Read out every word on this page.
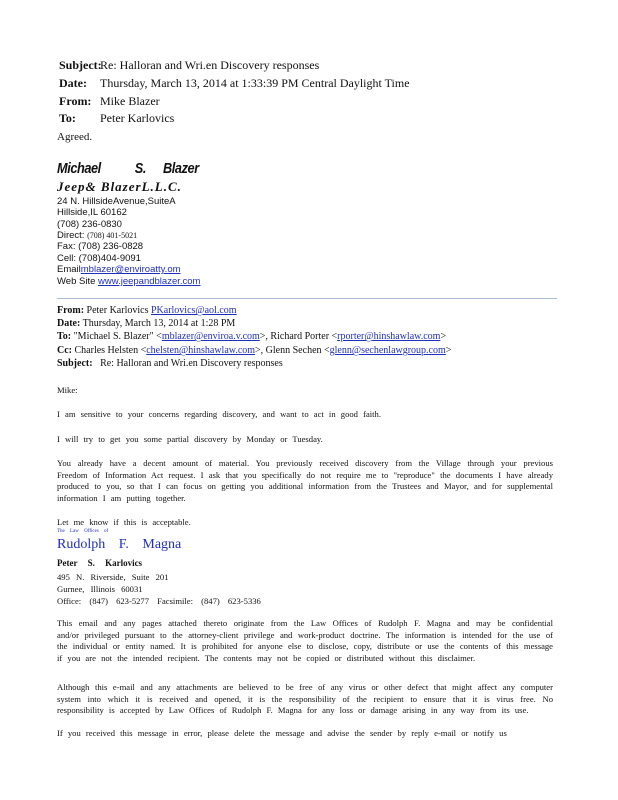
Subject:
Re: Halloran and Wri.en Discovery responses
Date: Thursday, March 13, 2014 at 1:33:39 PM Central Daylight Time
From: Mike Blazer
To: Peter Karlovics
Agreed.
Michael S. Blazer
Jeep& BlazerL.L.C.
24 N. HillsideAvenue,SuiteA
Hillside,IL 60162
(708) 236-0830
Direct: (708) 401-5021
Fax: (708) 236-0828
Cell: (708)404-9091
Emailmblazer@enviroatty.om
Web Site www.jeepandblazer.com
From: Peter Karlovics PKarlovics@aol.com
Date: Thursday, March 13, 2014 at 1:28 PM
To: "Michael S. Blazer" <mblazer@enviroa.v.com>, Richard Porter <rporter@hinshawlaw.com>
Cc: Charles Helsten <chelsten@hinshawlaw.com>, Glenn Sechen <glenn@sechenlawgroup.com>
Subject: Re: Halloran and Wri.en Discovery responses
Mike:
I am sensitive to your concerns regarding discovery, and want to act in good faith.
I will try to get you some partial discovery by Monday or Tuesday.
You already have a decent amount of material. You previously received discovery from the Village through your previous Freedom of Information Act request. I ask that you specifically do not require me to "reproduce" the documents I have already produced to you, so that I can focus on getting you additional information from the Trustees and Mayor, and for supplemental information I am putting together.
Let me know if this is acceptable.
The Law Offices of
Rudolph F. Magna
Peter S. Karlovics
495 N. Riverside, Suite 201
Gurnee, Illinois 60031
Office: (847) 623-5277 Facsimile: (847) 623-5336
This email and any pages attached thereto originate from the Law Offices of Rudolph F. Magna and may be confidential and/or privileged pursuant to the attorney-client privilege and work-product doctrine. The information is intended for the use of the individual or entity named. It is prohibited for anyone else to disclose, copy, distribute or use the contents of this message if you are not the intended recipient. The contents may not be copied or distributed without this disclaimer.
Although this e-mail and any attachments are believed to be free of any virus or other defect that might affect any computer system into which it is received and opened, it is the responsibility of the recipient to ensure that it is virus free. No responsibility is accepted by Law Offices of Rudolph F. Magna for any loss or damage arising in any way from its use.
If you received this message in error, please delete the message and advise the sender by reply e-mail or notify us
